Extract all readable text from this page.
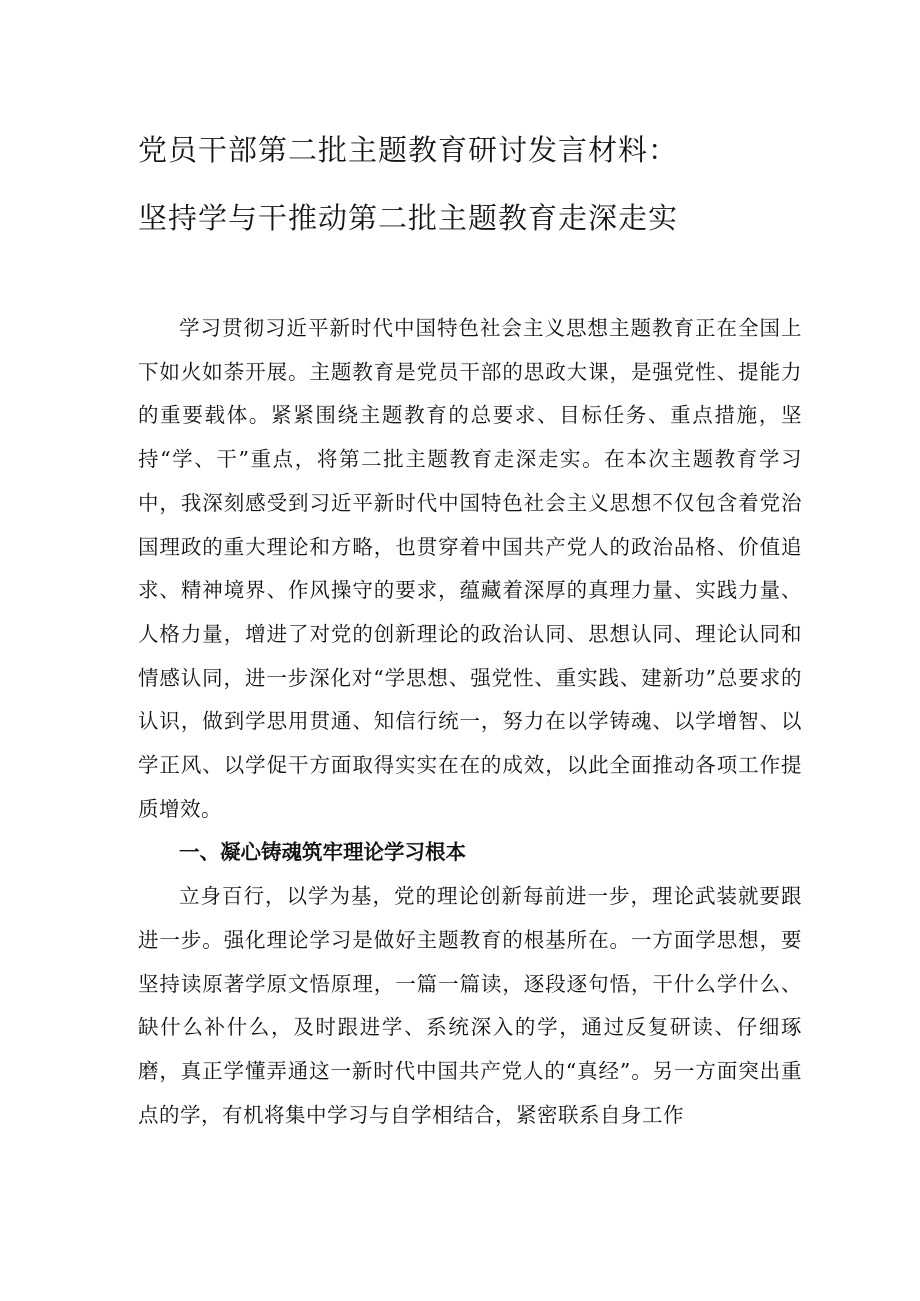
党员干部第二批主题教育研讨发言材料：
坚持学与干推动第二批主题教育走深走实

学习贯彻习近平新时代中国特色社会主义思想主题教育正在全国上下如火如荼开展。主题教育是党员干部的思政大课，是强党性、提能力的重要载体。紧紧围绕主题教育的总要求、目标任务、重点措施，坚持“学、干”重点，将第二批主题教育走深走实。在本次主题教育学习中，我深刻感受到习近平新时代中国特色社会主义思想不仅包含着党治国理政的重大理论和方略，也贯穿着中国共产党人的政治品格、价值追求、精神境界、作风操守的要求，蕴藏着深厚的真理力量、实践力量、人格力量，增进了对党的创新理论的政治认同、思想认同、理论认同和情感认同，进一步深化对“学思想、强党性、重实践、建新功”总要求的认识，做到学思用贯通、知信行统一，努力在以学铸魂、以学增智、以学正风、以学促干方面取得实实在在的成效，以此全面推动各项工作提质增效。

一、凝心铸魂筑牢理论学习根本

立身百行，以学为基，党的理论创新每前进一步，理论武装就要跟进一步。强化理论学习是做好主题教育的根基所在。一方面学思想，要坚持读原著学原文悟原理，一篇一篇读，逐段逐句悟，干什么学什么、缺什么补什么，及时跟进学、系统深入的学，通过反复研读、仔细琢磨，真正学懂弄通这一新时代中国共产党人的“真经”。另一方面突出重点的学，有机将集中学习与自学相结合，紧密联系自身工作
